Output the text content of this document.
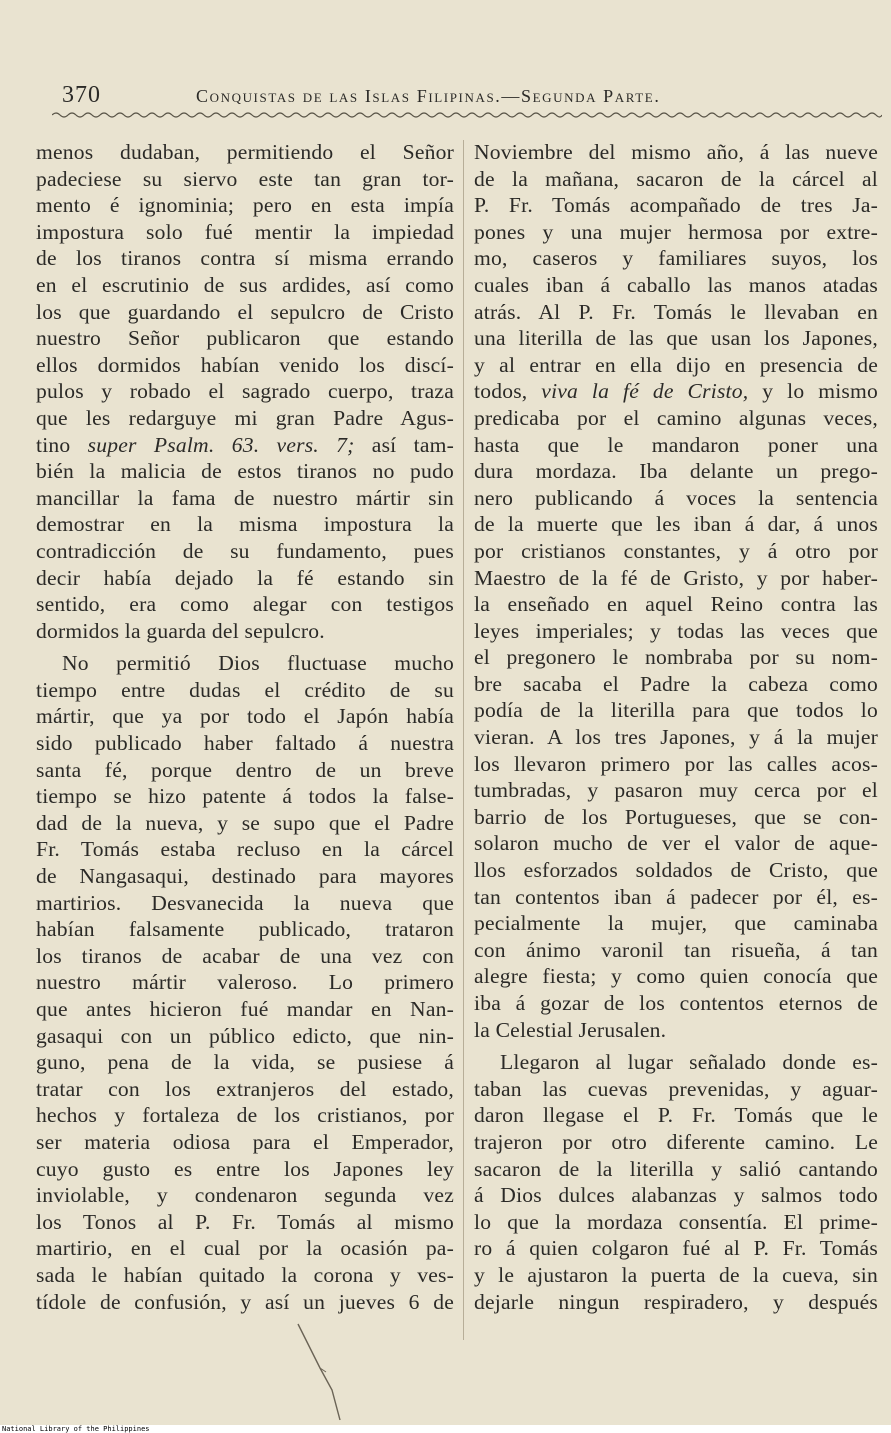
370	Conquistas de las Islas Filipinas.—Segunda Parte.

menos dudaban, permitiendo el Señor

padeciese su siervo este tan gran tor-

mento é ignominia; pero en esta impía

impostura solo fué mentir la impiedad

de los tiranos contra sí misma errando

en el escrutinio de sus ardides, así como

los que guardando el sepulcro de Cristo

nuestro Señor publicaron que estando

ellos dormidos habían venido los discí-

pulos y robado el sagrado cuerpo, traza

que les redarguye mi gran Padre Agus-

tino super Psalm. 63. vers. 7; así tam-

bién la malicia de estos tiranos no pudo

mancillar la fama de nuestro mártir sin

demostrar en la misma impostura la

contradicción de su fundamento, pues

decir había dejado la fé estando sin

sentido, era como alegar con testigos

dormidos la guarda del sepulcro.

No permitió Dios fluctuase mucho

tiempo entre dudas el crédito de su

mártir, que ya por todo el Japón había

sido publicado haber faltado á nuestra

santa fé, porque dentro de un breve

tiempo se hizo patente á todos la false-

dad de la nueva, y se supo que el Padre

Fr. Tomás estaba recluso en la cárcel

de Nangasaqui, destinado para mayores

martirios. Desvanecida la nueva que

habían falsamente publicado, trataron

los tiranos de acabar de una vez con

nuestro mártir valeroso. Lo primero

que antes hicieron fué mandar en Nan-

gasaqui con un público edicto, que nin-

guno, pena de la vida, se pusiese á

tratar con los extranjeros del estado,

hechos y fortaleza de los cristianos, por

ser materia odiosa para el Emperador,

cuyo gusto es entre los Japones ley

inviolable, y condenaron segunda vez

los Tonos al P. Fr. Tomás al mismo

martirio, en el cual por la ocasión pa-

sada le habían quitado la corona y ves-

tídole de confusión, y así un jueves 6 de

Noviembre del mismo año, á las nueve

de la mañana, sacaron de la cárcel al

P. Fr. Tomás acompañado de tres Ja-

pones y una mujer hermosa por extre-

mo, caseros y familiares suyos, los

cuales iban á caballo las manos atadas

atrás. Al P. Fr. Tomás le llevaban en

una literilla de las que usan los Japones,

y al entrar en ella dijo en presencia de

todos, viva la fé de Cristo, y lo mismo

predicaba por el camino algunas veces,

hasta que le mandaron poner una

dura mordaza. Iba delante un prego-

nero publicando á voces la sentencia

de la muerte que les iban á dar, á unos

por cristianos constantes, y á otro por

Maestro de la fé de Gristo, y por haber-

la enseñado en aquel Reino contra las

leyes imperiales; y todas las veces que

el pregonero le nombraba por su nom-

bre sacaba el Padre la cabeza como

podía de la literilla para que todos lo

vieran. A los tres Japones, y á la mujer

los llevaron primero por las calles acos-

tumbradas, y pasaron muy cerca por el

barrio de los Portugueses, que se con-

solaron mucho de ver el valor de aque-

llos esforzados soldados de Cristo, que

tan contentos iban á padecer por él, es-

pecialmente la mujer, que caminaba

con ánimo varonil tan risueña, á tan

alegre fiesta; y como quien conocía que

iba á gozar de los contentos eternos de

la Celestial Jerusalen.

Llegaron al lugar señalado donde es-

taban las cuevas prevenidas, y aguar-

daron llegase el P. Fr. Tomás que le

trajeron por otro diferente camino. Le

sacaron de la literilla y salió cantando

á Dios dulces alabanzas y salmos todo

lo que la mordaza consentía. El prime-

ro á quien colgaron fué al P. Fr. Tomás

y le ajustaron la puerta de la cueva, sin

dejarle ningun respiradero, y después

National Library of the Philippines
